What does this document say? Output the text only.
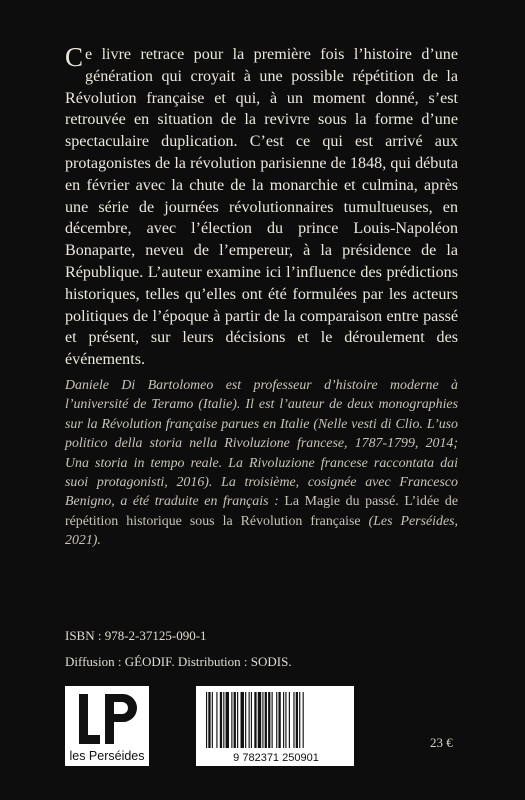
Ce livre retrace pour la première fois l’histoire d’une génération qui croyait à une possible répétition de la Révolution française et qui, à un moment donné, s’est retrouvée en situation de la revivre sous la forme d’une spectaculaire duplication. C’est ce qui est arrivé aux protagonistes de la révolution parisienne de 1848, qui débuta en février avec la chute de la monarchie et culmina, après une série de journées révolutionnaires tumultueuses, en décembre, avec l’élection du prince Louis-Napoléon Bonaparte, neveu de l’empereur, à la présidence de la République. L’auteur examine ici l’influence des prédictions historiques, telles qu’elles ont été formulées par les acteurs politiques de l’époque à partir de la comparaison entre passé et présent, sur leurs décisions et le déroulement des événements.
Daniele Di Bartolomeo est professeur d’histoire moderne à l’université de Teramo (Italie). Il est l’auteur de deux monographies sur la Révolution française parues en Italie (Nelle vesti di Clio. L’uso politico della storia nella Rivoluzione francese, 1787-1799, 2014; Una storia in tempo reale. La Rivoluzione francese raccontata dai suoi protagonisti, 2016). La troisième, cosignée avec Francesco Benigno, a été traduite en français : La Magie du passé. L’idée de répétition historique sous la Révolution française (Les Perséides, 2021).
ISBN : 978-2-37125-090-1
Diffusion : GÉODIF. Distribution : SODIS.
les Perséides	9 782371 250901
23 €
